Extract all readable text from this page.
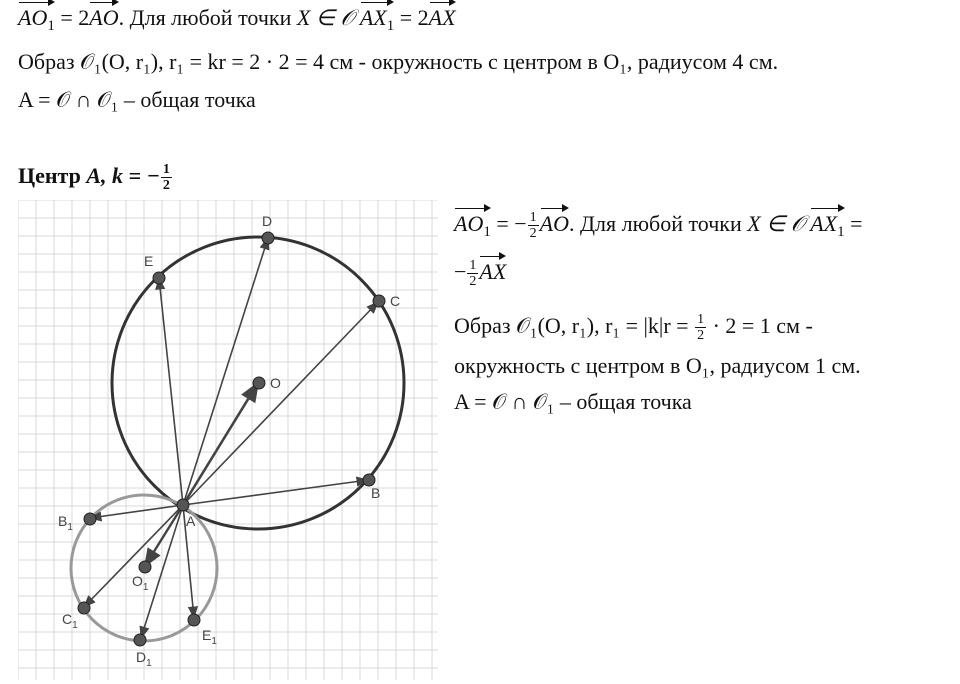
$AO_1 = 2AO$. Для любой точки X ∈ 𝒪 $AX_1 = 2AX$
Образ 𝒪₁(O, r₁), r₁ = kr = 2 · 2 = 4 см - окружность с центром в O₁, радиусом 4 см.
A = 𝒪 ∩ 𝒪₁ – общая точка
Центр A, k = − $\frac{1}{2}$
$AO_1$ = − $\frac{1}{2}$ AO. Для любой точки X ∈ 𝒪 $AX_1$ =
− $\frac{1}{2}$ AX
Образ 𝒪₁(O, r₁), $r_1 = |k|r = \frac{1}{2} \cdot 2 = 1$ см -
окружность с центром в O₁, радиусом 1 см.
A = 𝒪 ∩ 𝒪₁ – общая точка
A
D
E
C
O
B
$B_1$
$C_1$
$O_1$
$D_1$
$E_1$
